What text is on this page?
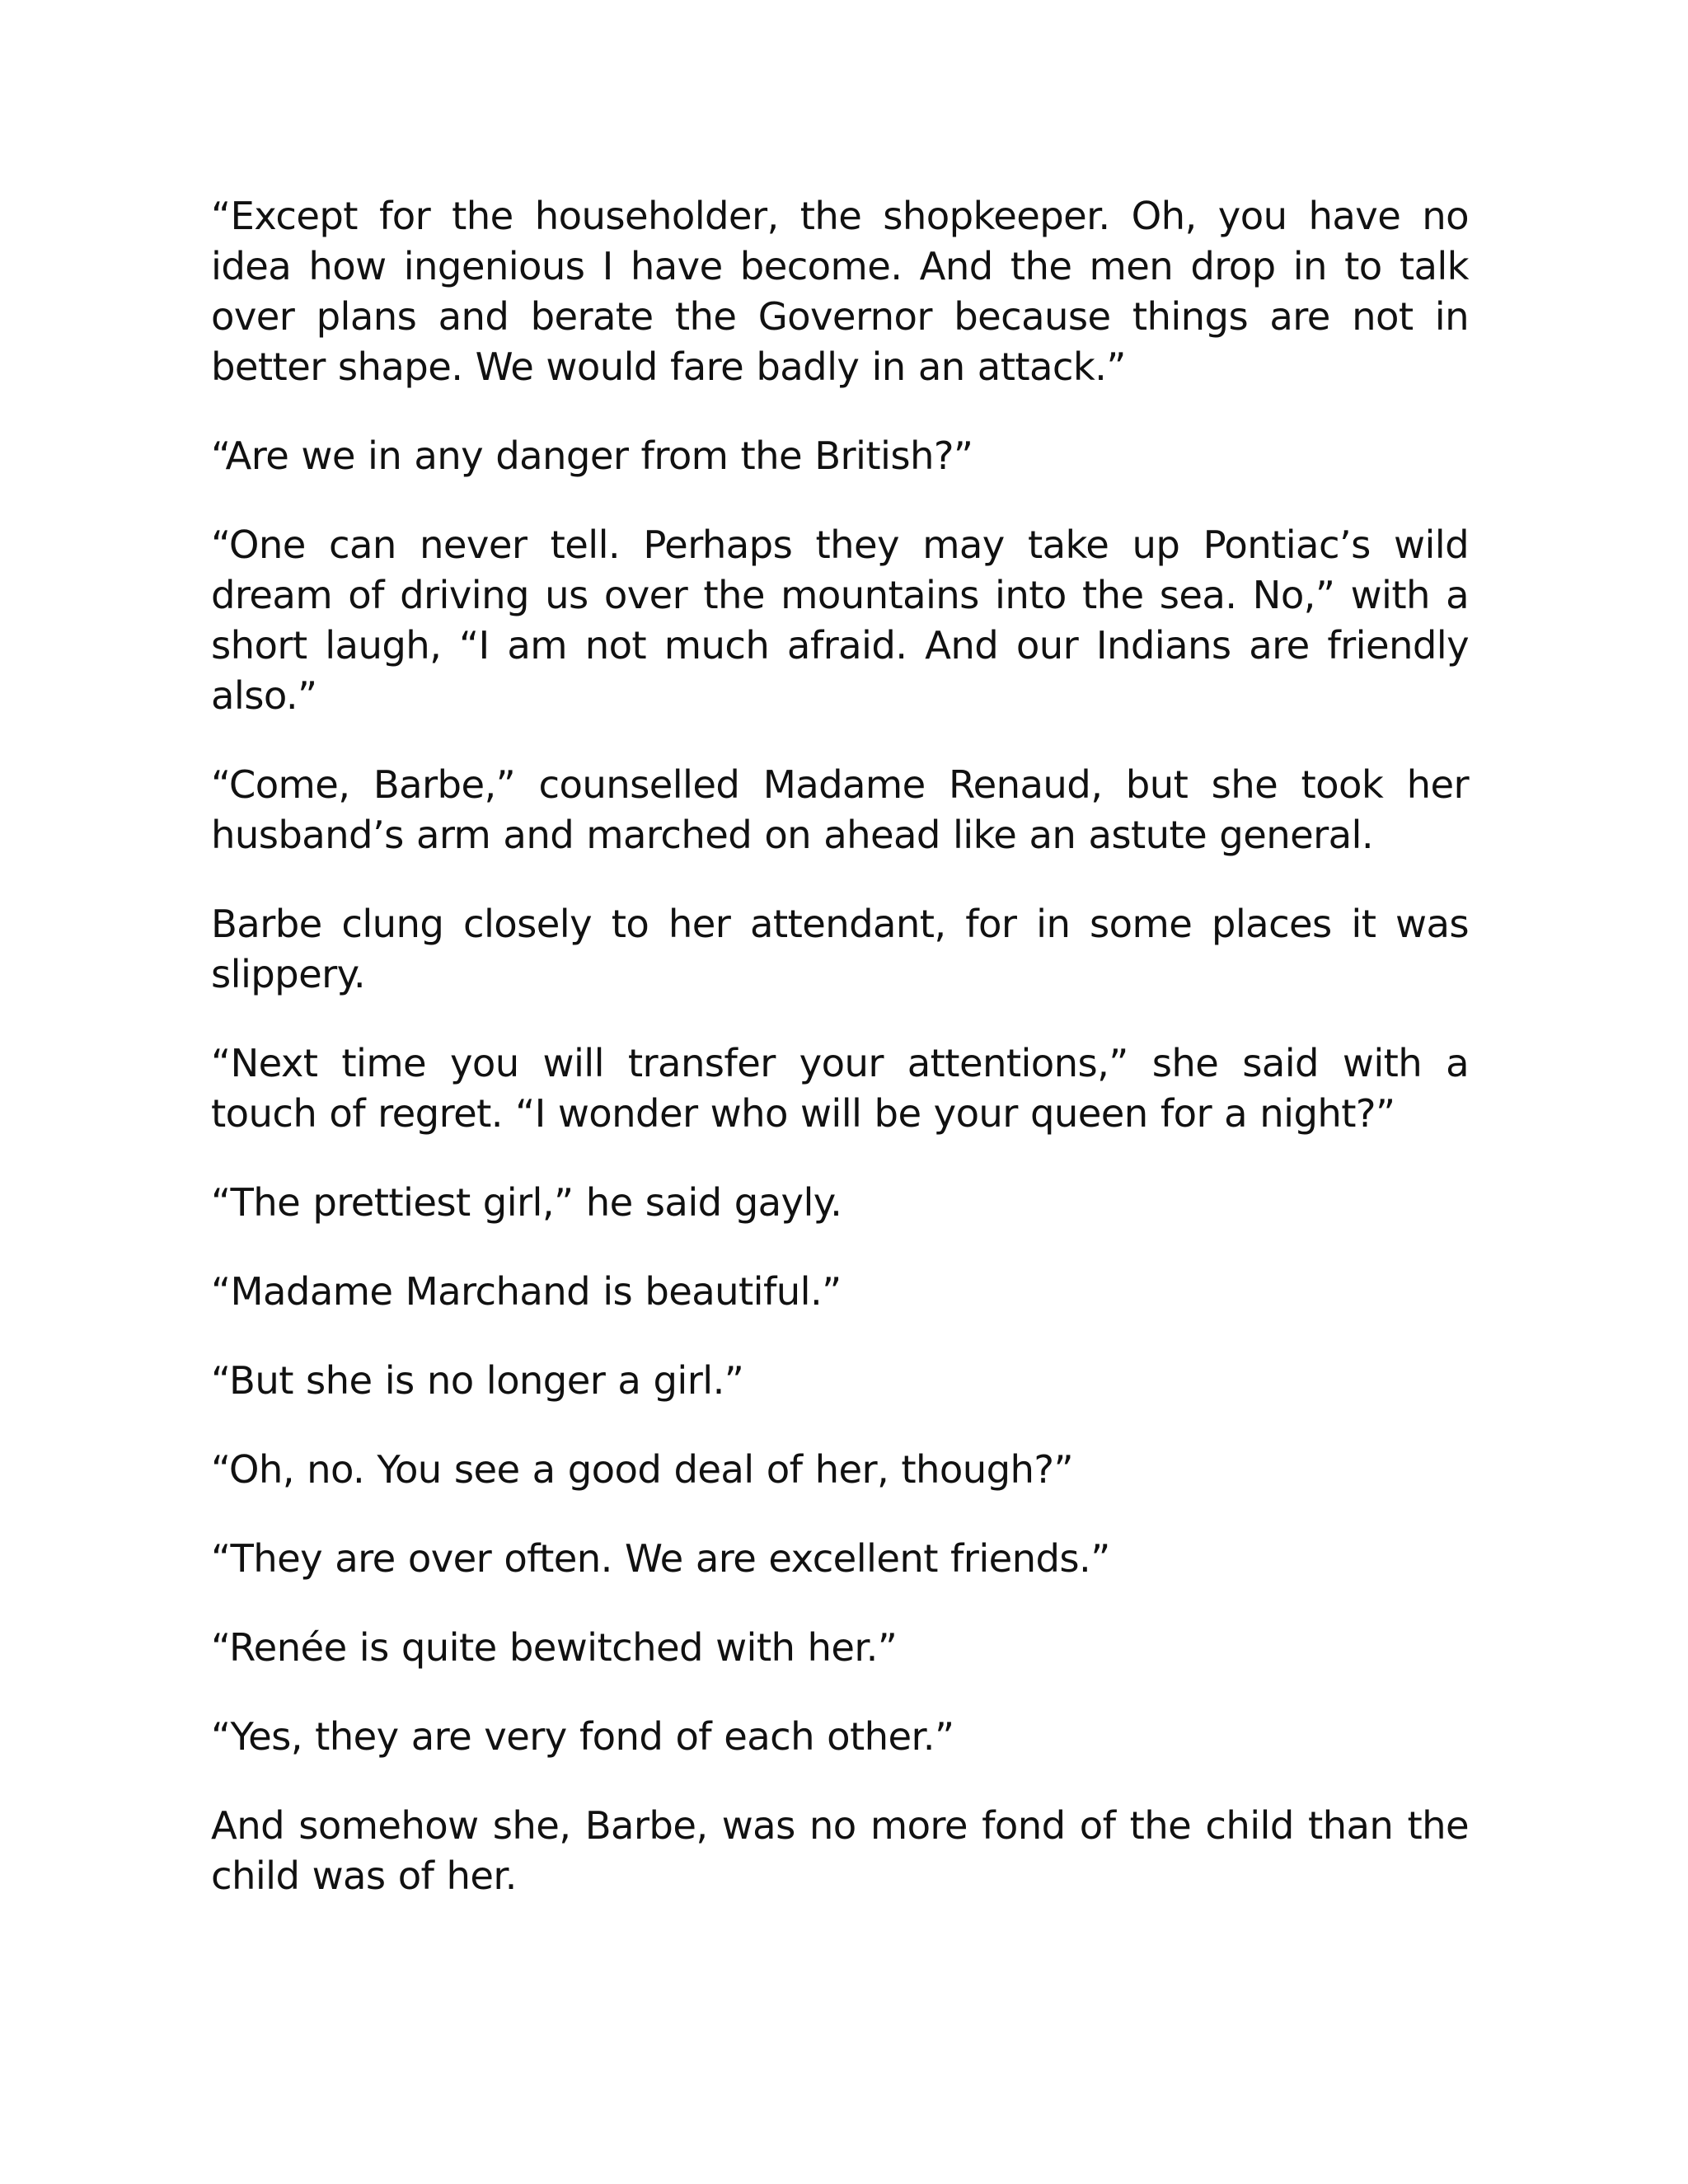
“Except for the householder, the shopkeeper. Oh, you have no idea how ingenious I have become. And the men drop in to talk over plans and berate the Governor because things are not in better shape. We would fare badly in an attack.”

“Are we in any danger from the British?”

“One can never tell. Perhaps they may take up Pontiac’s wild dream of driving us over the mountains into the sea. No,” with a short laugh, “I am not much afraid. And our Indians are friendly also.”

“Come, Barbe,” counselled Madame Renaud, but she took her husband’s arm and marched on ahead like an astute general.

Barbe clung closely to her attendant, for in some places it was slippery.

“Next time you will transfer your attentions,” she said with a touch of regret. “I wonder who will be your queen for a night?”

“The prettiest girl,” he said gayly.

“Madame Marchand is beautiful.”

“But she is no longer a girl.”

“Oh, no. You see a good deal of her, though?”

“They are over often. We are excellent friends.”

“Renée is quite bewitched with her.”

“Yes, they are very fond of each other.”

And somehow she, Barbe, was no more fond of the child than the child was of her.
